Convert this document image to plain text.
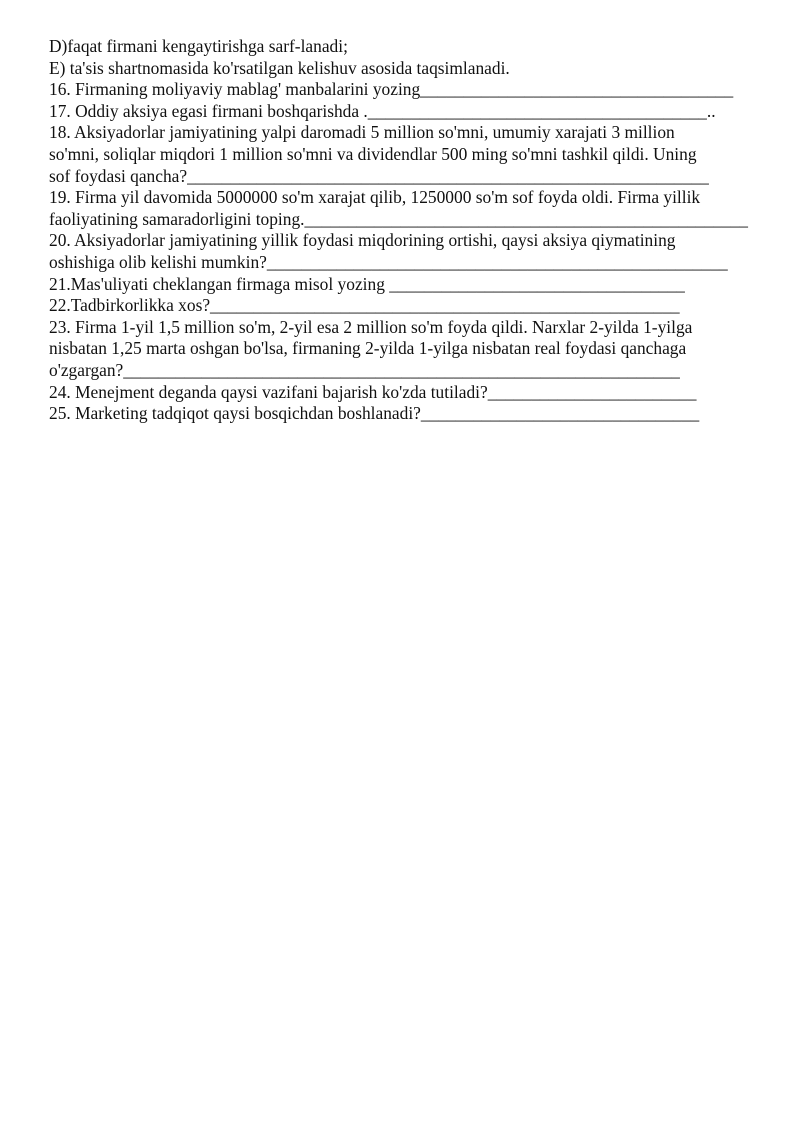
D)faqat firmani kengaytirishga sarf-lanadi;
E) ta'sis shartnomasida ko'rsatilgan kelishuv asosida taqsimlanadi.
16. Firmaning moliyaviy mablag' manbalarini yozing____________________________________
17. Oddiy aksiya egasi firmani boshqarishda ._______________________________________..
18. Aksiyadorlar jamiyatining yalpi daromadi 5 million so'mni, umumiy xarajati 3 million
so'mni, soliqlar miqdori 1 million so'mni va dividendlar 500 ming so'mni tashkil qildi. Uning
sof foydasi qancha?____________________________________________________________
19. Firma yil davomida 5000000 so'm xarajat qilib, 1250000 so'm sof foyda oldi. Firma yillik
faoliyatining samaradorligini toping.___________________________________________________
20. Aksiyadorlar jamiyatining yillik foydasi miqdorining ortishi, qaysi aksiya qiymatining
oshishiga olib kelishi mumkin?_____________________________________________________
21.Mas'uliyati cheklangan firmaga misol yozing __________________________________
22.Tadbirkorlikka xos?______________________________________________________
23. Firma 1-yil 1,5 million so'm, 2-yil esa 2 million so'm foyda qildi. Narxlar 2-yilda 1-yilga
nisbatan 1,25 marta oshgan bo'lsa, firmaning 2-yilda 1-yilga nisbatan real foydasi qanchaga
o'zgargan?________________________________________________________________
24. Menejment deganda qaysi vazifani bajarish ko'zda tutiladi?________________________
25. Marketing tadqiqot qaysi bosqichdan boshlanadi?________________________________
